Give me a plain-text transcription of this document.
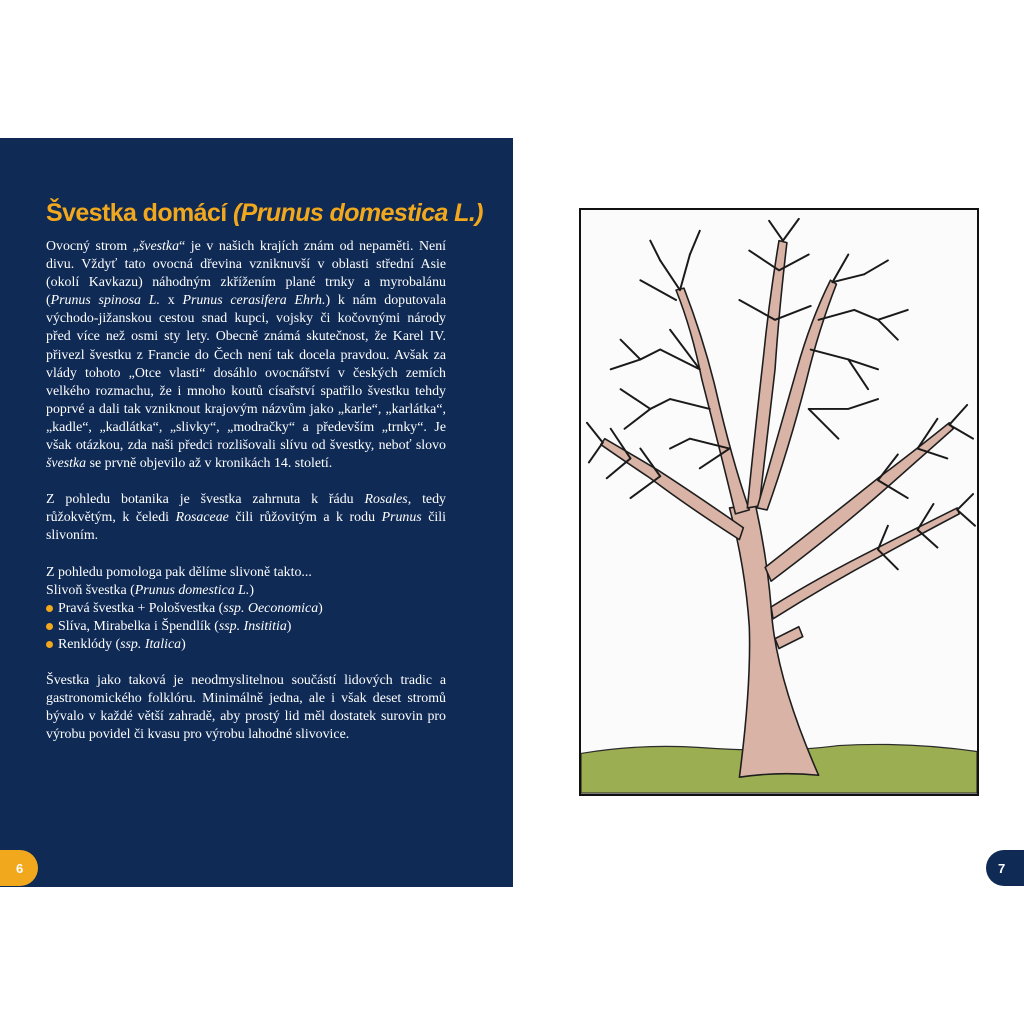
Švestka domácí (Prunus domestica L.)

Ovocný strom „švestka“ je v našich krajích znám od nepaměti. Není divu. Vždyť tato ovocná dřevina vzniknuvší v oblasti střední Asie (okolí Kavkazu) náhodným zkřížením plané trnky a myrobalánu (Prunus spinosa L. x Prunus cerasifera Ehrh.) k nám doputovala východo-jižanskou cestou snad kupci, vojsky či kočovnými národy před více než osmi sty lety. Obecně známá skutečnost, že Karel IV. přivezl švestku z Francie do Čech není tak docela pravdou. Avšak za vlády tohoto „Otce vlasti“ dosáhlo ovocnářství v českých zemích velkého rozmachu, že i mnoho koutů císařství spatřilo švestku tehdy poprvé a dali tak vzniknout krajovým názvům jako „karle“, „karlátka“, „kadle“, „kadlátka“, „slivky“, „modračky“ a především „trnky“. Je však otázkou, zda naši předci rozlišovali slívu od švestky, neboť slovo švestka se prvně objevilo až v kronikách 14. století.

Z pohledu botanika je švestka zahrnuta k řádu Rosales, tedy růžokvětým, k čeledi Rosaceae čili růžovitým a k rodu Prunus čili slivoním.

Z pohledu pomologa pak dělíme slivoně takto...
Slivoň švestka (Prunus domestica L.)
Pravá švestka + Pološvestka ( ssp. Oeconomica )
Slíva, Mirabelka i Špendlík ( ssp. Insititia )
Renklódy ( ssp. Italica )

Švestka jako taková je neodmyslitelnou součástí lidových tradic a gastronomického folklóru. Minimálně jedna, ale i však deset stromů bývalo v každé větší zahradě, aby prostý lid měl dostatek surovin pro výrobu povidel či kvasu pro výrobu lahodné slivovice.

6	7
